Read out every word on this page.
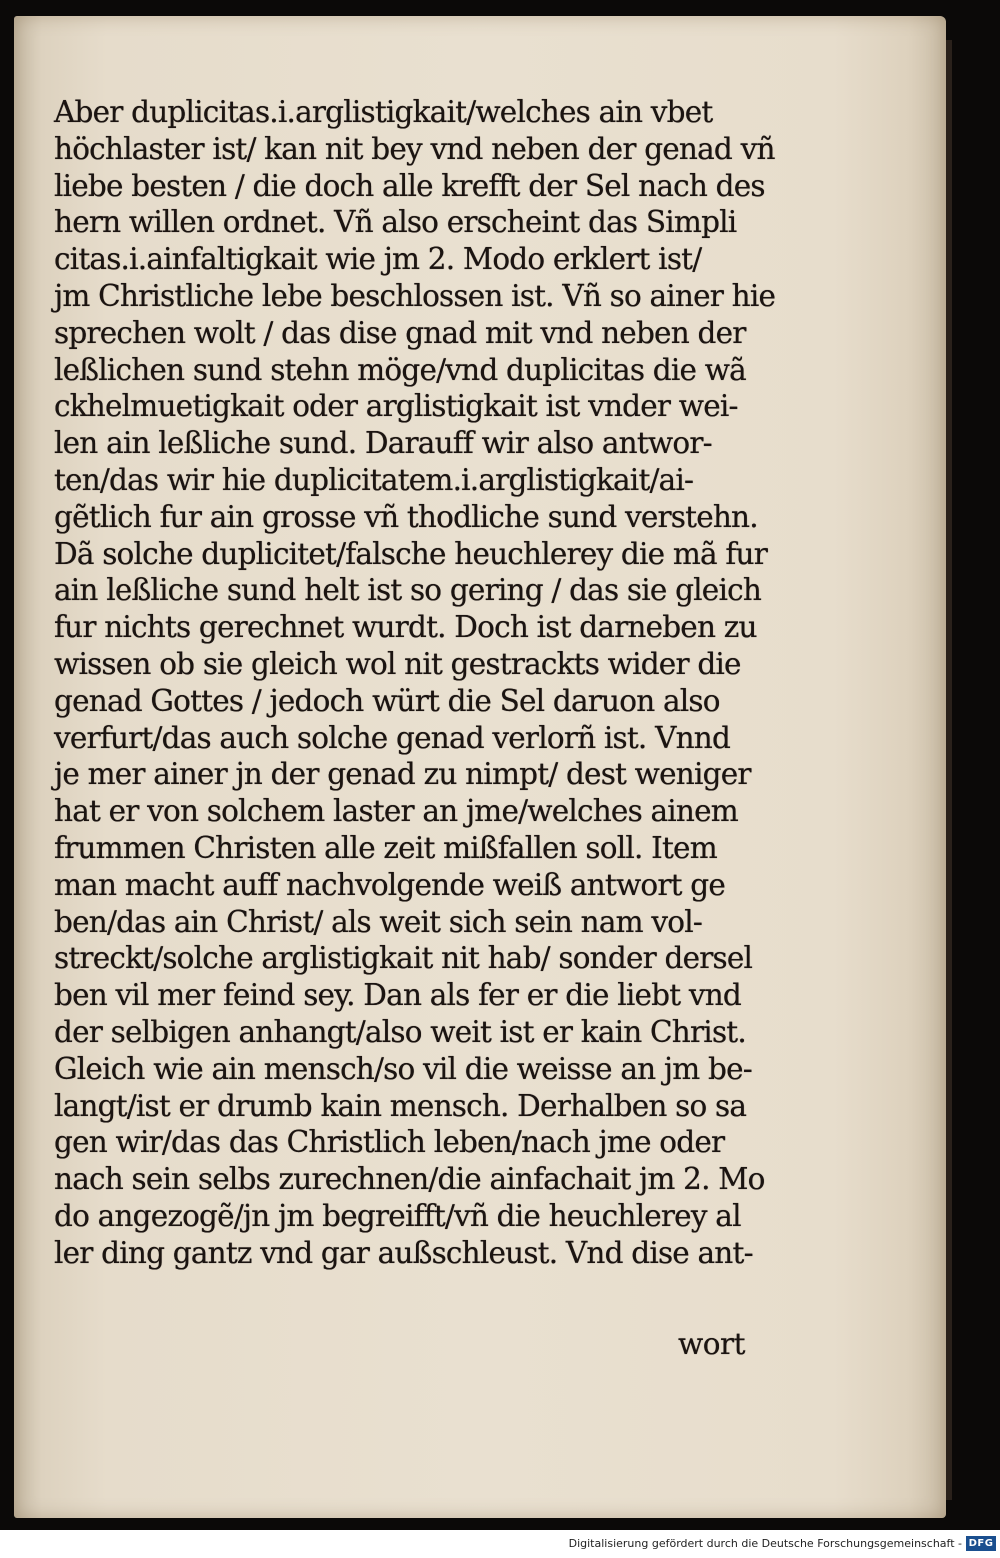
Aber duplicitas.i.arglistigkait/welches ain vbet
höchlaster ist/ kan nit bey vnd neben der genad vñ
liebe besten / die doch alle krefft der Sel nach des
hern willen ordnet. Vñ also erscheint das Simpli
citas.i.ainfaltigkait wie jm 2. Modo erklert ist/
jm Christliche lebe beschlossen ist. Vñ so ainer hie
sprechen wolt / das dise gnad mit vnd neben der
leßlichen sund stehn möge/vnd duplicitas die wã
ckhelmuetigkait oder arglistigkait ist vnder wei-
len ain leßliche sund. Darauff wir also antwor-
ten/das wir hie duplicitatem.i.arglistigkait/ai-
gẽtlich fur ain grosse vñ thodliche sund verstehn.
Dã solche duplicitet/falsche heuchlerey die mã fur
ain leßliche sund helt ist so gering / das sie gleich
fur nichts gerechnet wurdt. Doch ist darneben zu
wissen ob sie gleich wol nit gestrackts wider die
genad Gottes / jedoch würt die Sel daruon also
verfurt/das auch solche genad verlorñ ist. Vnnd
je mer ainer jn der genad zu nimpt/ dest weniger
hat er von solchem laster an jme/welches ainem
frummen Christen alle zeit mißfallen soll. Item
man macht auff nachvolgende weiß antwort ge
ben/das ain Christ/ als weit sich sein nam vol-
streckt/solche arglistigkait nit hab/ sonder dersel
ben vil mer feind sey. Dan als fer er die liebt vnd
der selbigen anhangt/also weit ist er kain Christ.
Gleich wie ain mensch/so vil die weisse an jm be-
langt/ist er drumb kain mensch. Derhalben so sa
gen wir/das das Christlich leben/nach jme oder
nach sein selbs zurechnen/die ainfachait jm 2. Mo
do angezogẽ/jn jm begreifft/vñ die heuchlerey al
ler ding gantz vnd gar außschleust. Vnd dise ant-
wort
Digitalisierung gefördert durch die Deutsche Forschungsgemeinschaft - DFG
